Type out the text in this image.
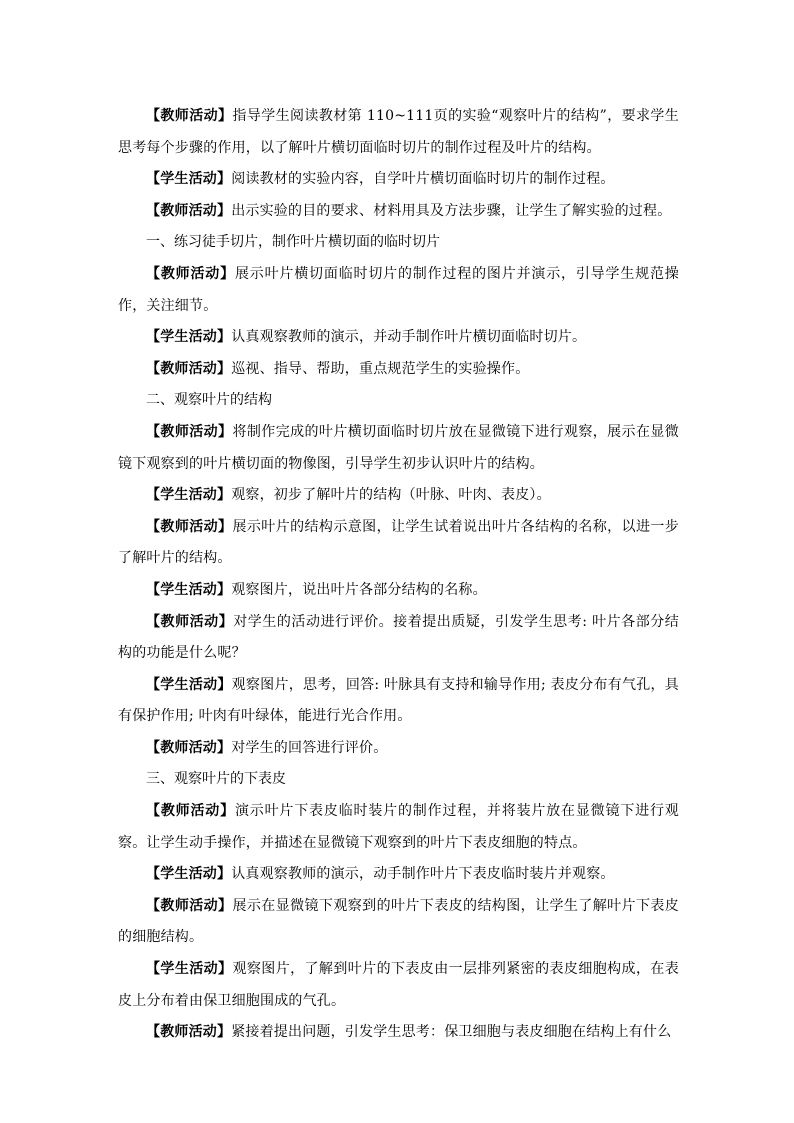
【教师活动】指导学生阅读教材第 110~111页的实验“观察叶片的结构”，要求学生思考每个步骤的作用，以了解叶片横切面临时切片的制作过程及叶片的结构。

【学生活动】阅读教材的实验内容，自学叶片横切面临时切片的制作过程。

【教师活动】出示实验的目的要求、材料用具及方法步骤，让学生了解实验的过程。

一、练习徒手切片，制作叶片横切面的临时切片

【教师活动】展示叶片横切面临时切片的制作过程的图片并演示，引导学生规范操作，关注细节。

【学生活动】认真观察教师的演示，并动手制作叶片横切面临时切片。

【教师活动】巡视、指导、帮助，重点规范学生的实验操作。

二、观察叶片的结构

【教师活动】将制作完成的叶片横切面临时切片放在显微镜下进行观察，展示在显微镜下观察到的叶片横切面的物像图，引导学生初步认识叶片的结构。

【学生活动】观察，初步了解叶片的结构（叶脉、叶肉、表皮）。

【教师活动】展示叶片的结构示意图，让学生试着说出叶片各结构的名称，以进一步了解叶片的结构。

【学生活动】观察图片，说出叶片各部分结构的名称。

【教师活动】对学生的活动进行评价。接着提出质疑，引发学生思考: 叶片各部分结构的功能是什么呢？

【学生活动】观察图片，思考，回答: 叶脉具有支持和输导作用; 表皮分布有气孔，具有保护作用; 叶肉有叶绿体，能进行光合作用。

【教师活动】对学生的回答进行评价。

三、观察叶片的下表皮

【教师活动】演示叶片下表皮临时装片的制作过程，并将装片放在显微镜下进行观察。让学生动手操作，并描述在显微镜下观察到的叶片下表皮细胞的特点。

【学生活动】认真观察教师的演示，动手制作叶片下表皮临时装片并观察。

【教师活动】展示在显微镜下观察到的叶片下表皮的结构图，让学生了解叶片下表皮的细胞结构。

【学生活动】观察图片，了解到叶片的下表皮由一层排列紧密的表皮细胞构成，在表皮上分布着由保卫细胞围成的气孔。

【教师活动】紧接着提出问题，引发学生思考：保卫细胞与表皮细胞在结构上有什么
